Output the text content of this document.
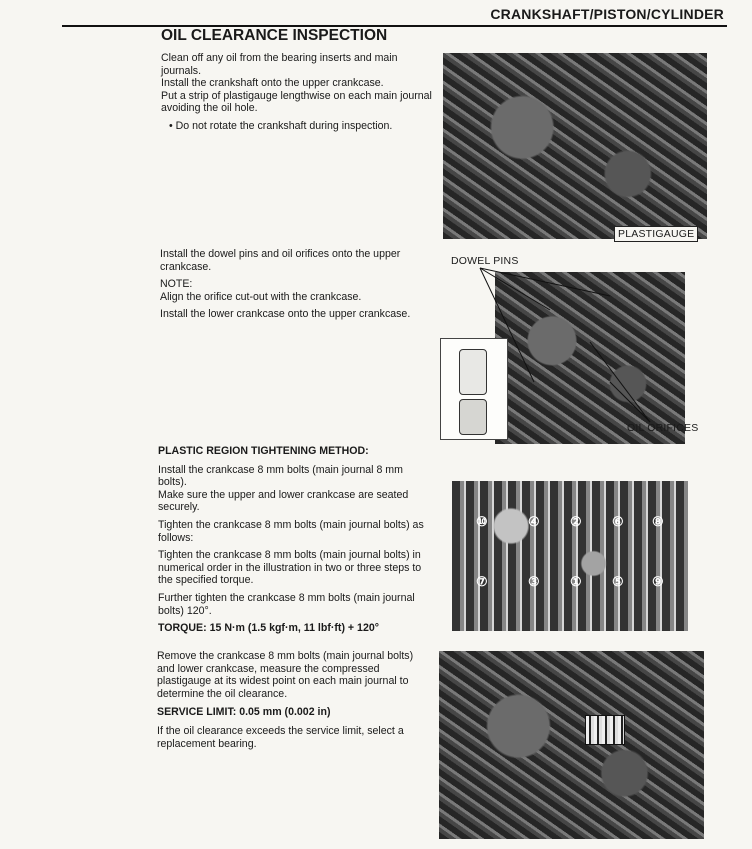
CRANKSHAFT/PISTON/CYLINDER
OIL CLEARANCE INSPECTION

Clean off any oil from the bearing inserts and main journals.

Install the crankshaft onto the upper crankcase.

Put a strip of plastigauge lengthwise on each main journal avoiding the oil hole.

• Do not rotate the crankshaft during inspection.

PLASTIGAUGE

Install the dowel pins and oil orifices onto the upper crankcase.

NOTE:

Align the orifice cut-out with the crankcase.

Install the lower crankcase onto the upper crankcase.

DOWEL PINS
OIL ORIFICES

PLASTIC REGION TIGHTENING METHOD:

Install the crankcase 8 mm bolts (main journal 8 mm bolts).

Make sure the upper and lower crankcase are seated securely.

Tighten the crankcase 8 mm bolts (main journal bolts) as follows:

Tighten the crankcase 8 mm bolts (main journal bolts) in numerical order in the illustration in two or three steps to the specified torque.

Further tighten the crankcase 8 mm bolts (main journal bolts) 120°.

TORQUE: 15 N·m (1.5 kgf·m, 11 lbf·ft) + 120°

⑩	④ ② ⑥ ⑧
⑦	③ ① ⑤ ⑨

Remove the crankcase 8 mm bolts (main journal bolts) and lower crankcase, measure the compressed plastigauge at its widest point on each main journal to determine the oil clearance.

SERVICE LIMIT: 0.05 mm (0.002 in)

If the oil clearance exceeds the service limit, select a replacement bearing.
